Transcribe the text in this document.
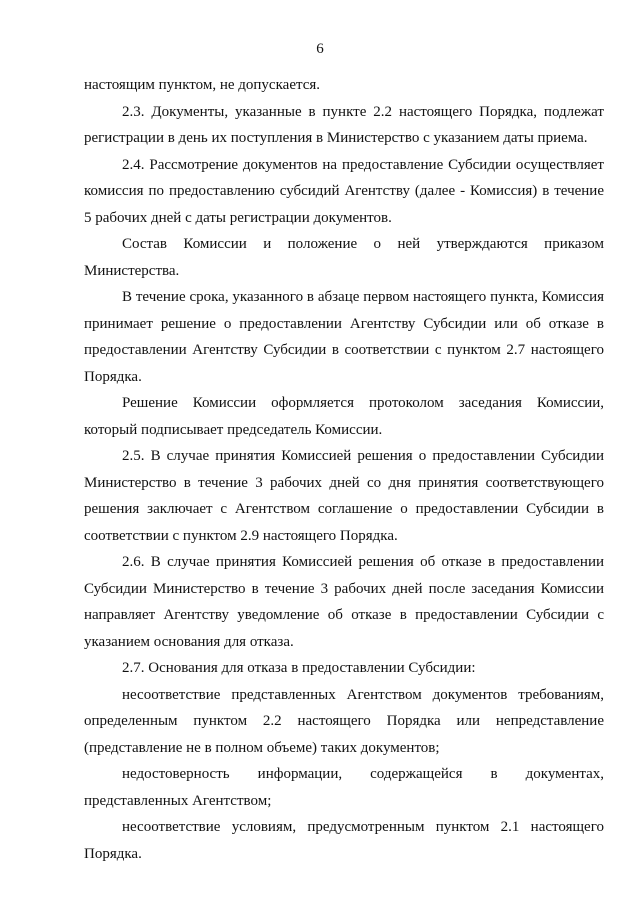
6

настоящим пунктом, не допускается.

2.3. Документы, указанные в пункте 2.2 настоящего Порядка, подлежат регистрации в день их поступления в Министерство с указанием даты приема.

2.4. Рассмотрение документов на предоставление Субсидии осуществляет комиссия по предоставлению субсидий Агентству (далее - Комиссия) в течение 5 рабочих дней с даты регистрации документов.

Состав Комиссии и положение о ней утверждаются приказом Министерства.

В течение срока, указанного в абзаце первом настоящего пункта, Комиссия принимает решение о предоставлении Агентству Субсидии или об отказе в предоставлении Агентству Субсидии в соответствии с пунктом 2.7 настоящего Порядка.

Решение Комиссии оформляется протоколом заседания Комиссии, который подписывает председатель Комиссии.

2.5. В случае принятия Комиссией решения о предоставлении Субсидии Министерство в течение 3 рабочих дней со дня принятия соответствующего решения заключает с Агентством соглашение о предоставлении Субсидии в соответствии с пунктом 2.9 настоящего Порядка.

2.6. В случае принятия Комиссией решения об отказе в предоставлении Субсидии Министерство в течение 3 рабочих дней после заседания Комиссии направляет Агентству уведомление об отказе в предоставлении Субсидии с указанием основания для отказа.

2.7. Основания для отказа в предоставлении Субсидии:

несоответствие представленных Агентством документов требованиям, определенным пунктом 2.2 настоящего Порядка или непредставление (представление не в полном объеме) таких документов;

недостоверность информации, содержащейся в документах, представленных Агентством;

несоответствие условиям, предусмотренным пунктом 2.1 настоящего Порядка.
